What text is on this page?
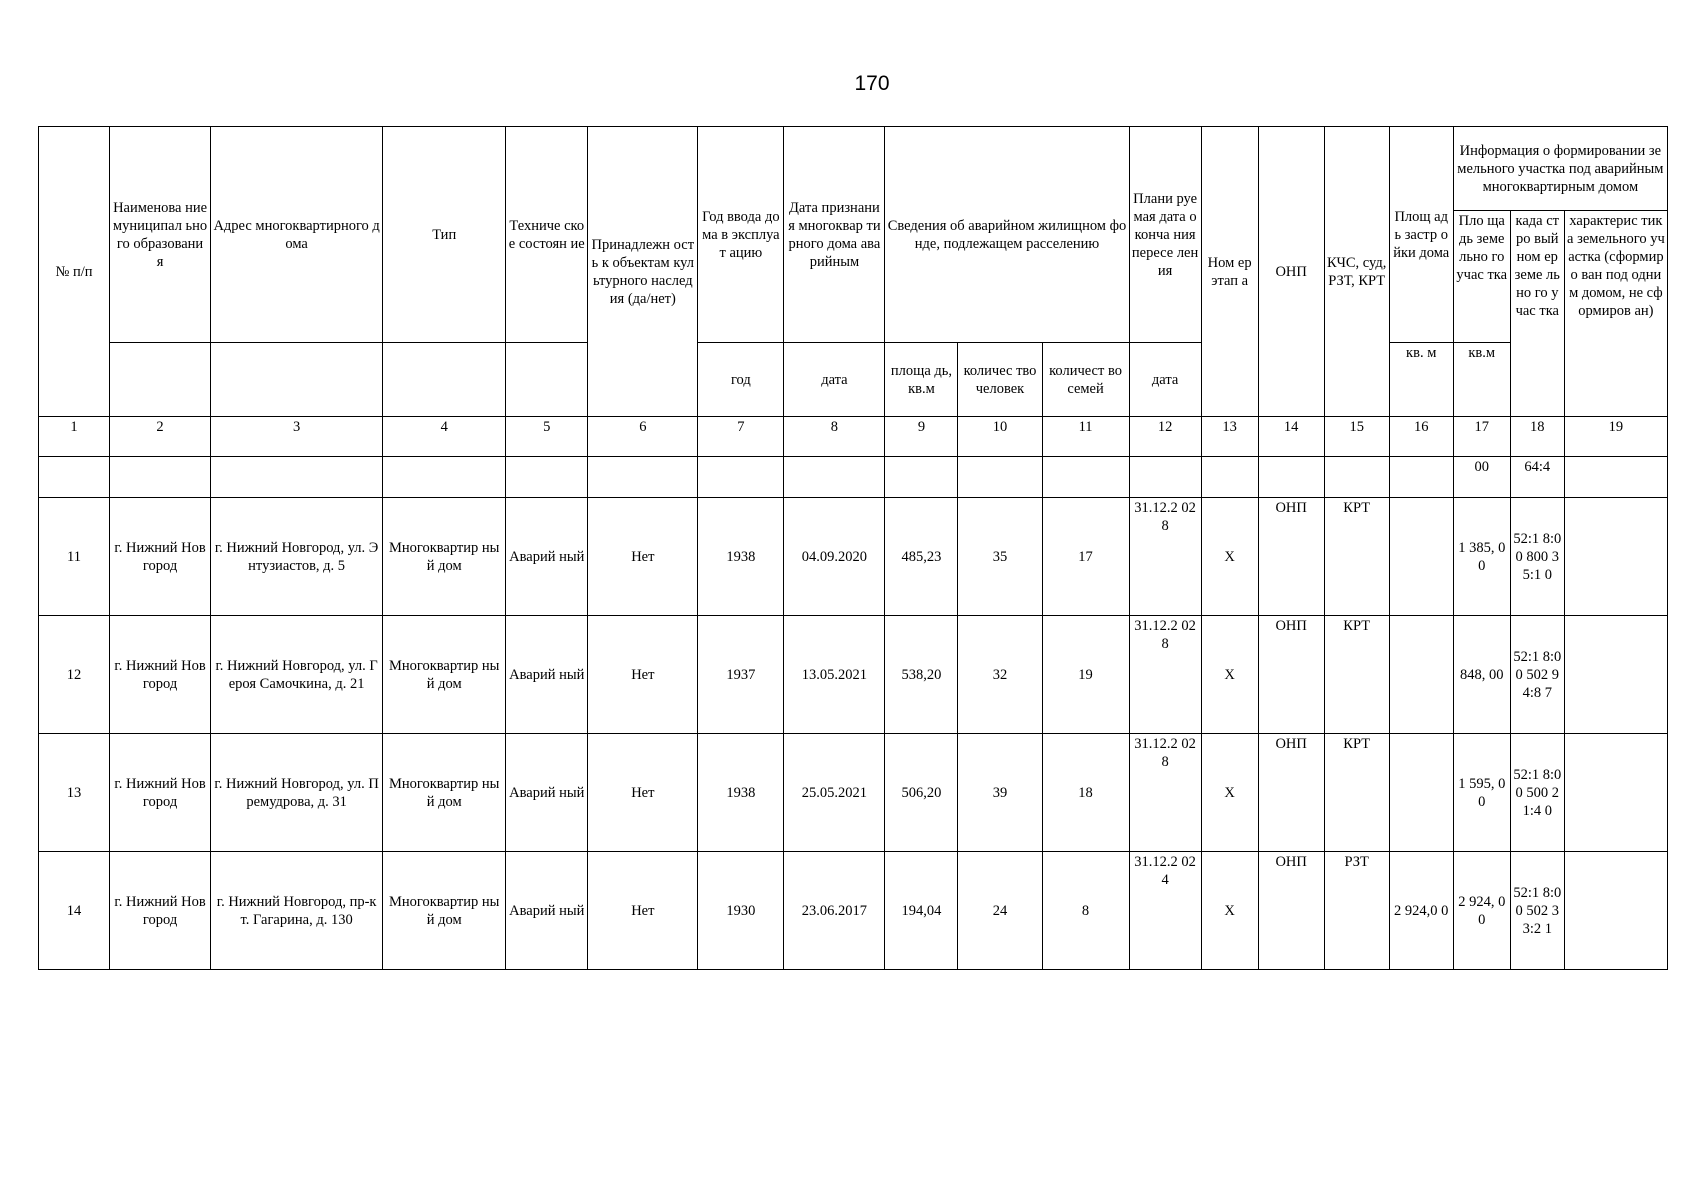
170
№ п/п	Наименова ние муниципал ьного образовани я	Адрес многоквартирного дома	Тип	Техниче ское состоян ие	Принадлежн ость к объектам культурного наследия (да/нет)	Год ввода дома в эксплуат ацию	Дата признания многоквар тирного дома аварийным	Сведения об аварийном жилищном фонде, подлежащем расселению			Плани руемая дата оконча ния пересе ления	Ном ер этап а	ОНП	КЧС, суд, РЗТ, КРТ	Площ адь застр ойки дома	Информация о формировании земельного участка под аварийным многоквартирным домом		
																Пло щадь земе льно го учас тка	када стро вый ном ер земе льно го учас тка	характерис тика земельного участка (сформиро ван под одним домом, не сформиров ан)
						год	дата	площа дь, кв.м	количес тво человек	количест во семей	дата				кв. м	кв.м		
1	2	3	4	5	6	7	8	9	10	11	12	13	14	15	16	17	18	19
																00	64:4	
11	г. Нижний Новгород	г. Нижний Новгород, ул. Энтузиастов, д. 5	Многоквартир ный дом	Аварий ный	Нет	1938	04.09.2020	485,23	35	17	31.12.2 028	X	ОНП	КРТ		1 385, 00	52:1 8:00 800 35:1 0	
12	г. Нижний Новгород	г. Нижний Новгород, ул. Героя Самочкина, д. 21	Многоквартир ный дом	Аварий ный	Нет	1937	13.05.2021	538,20	32	19	31.12.2 028	X	ОНП	КРТ		848, 00	52:1 8:00 502 94:8 7	
13	г. Нижний Новгород	г. Нижний Новгород, ул. Премудрова, д. 31	Многоквартир ный дом	Аварий ный	Нет	1938	25.05.2021	506,20	39	18	31.12.2 028	X	ОНП	КРТ		1 595, 00	52:1 8:00 500 21:4 0	
14	г. Нижний Новгород	г. Нижний Новгород, пр-кт. Гагарина, д. 130	Многоквартир ный дом	Аварий ный	Нет	1930	23.06.2017	194,04	24	8	31.12.2 024	X	ОНП	РЗТ	2 924,0 0	2 924, 00	52:1 8:00 502 33:2 1	
